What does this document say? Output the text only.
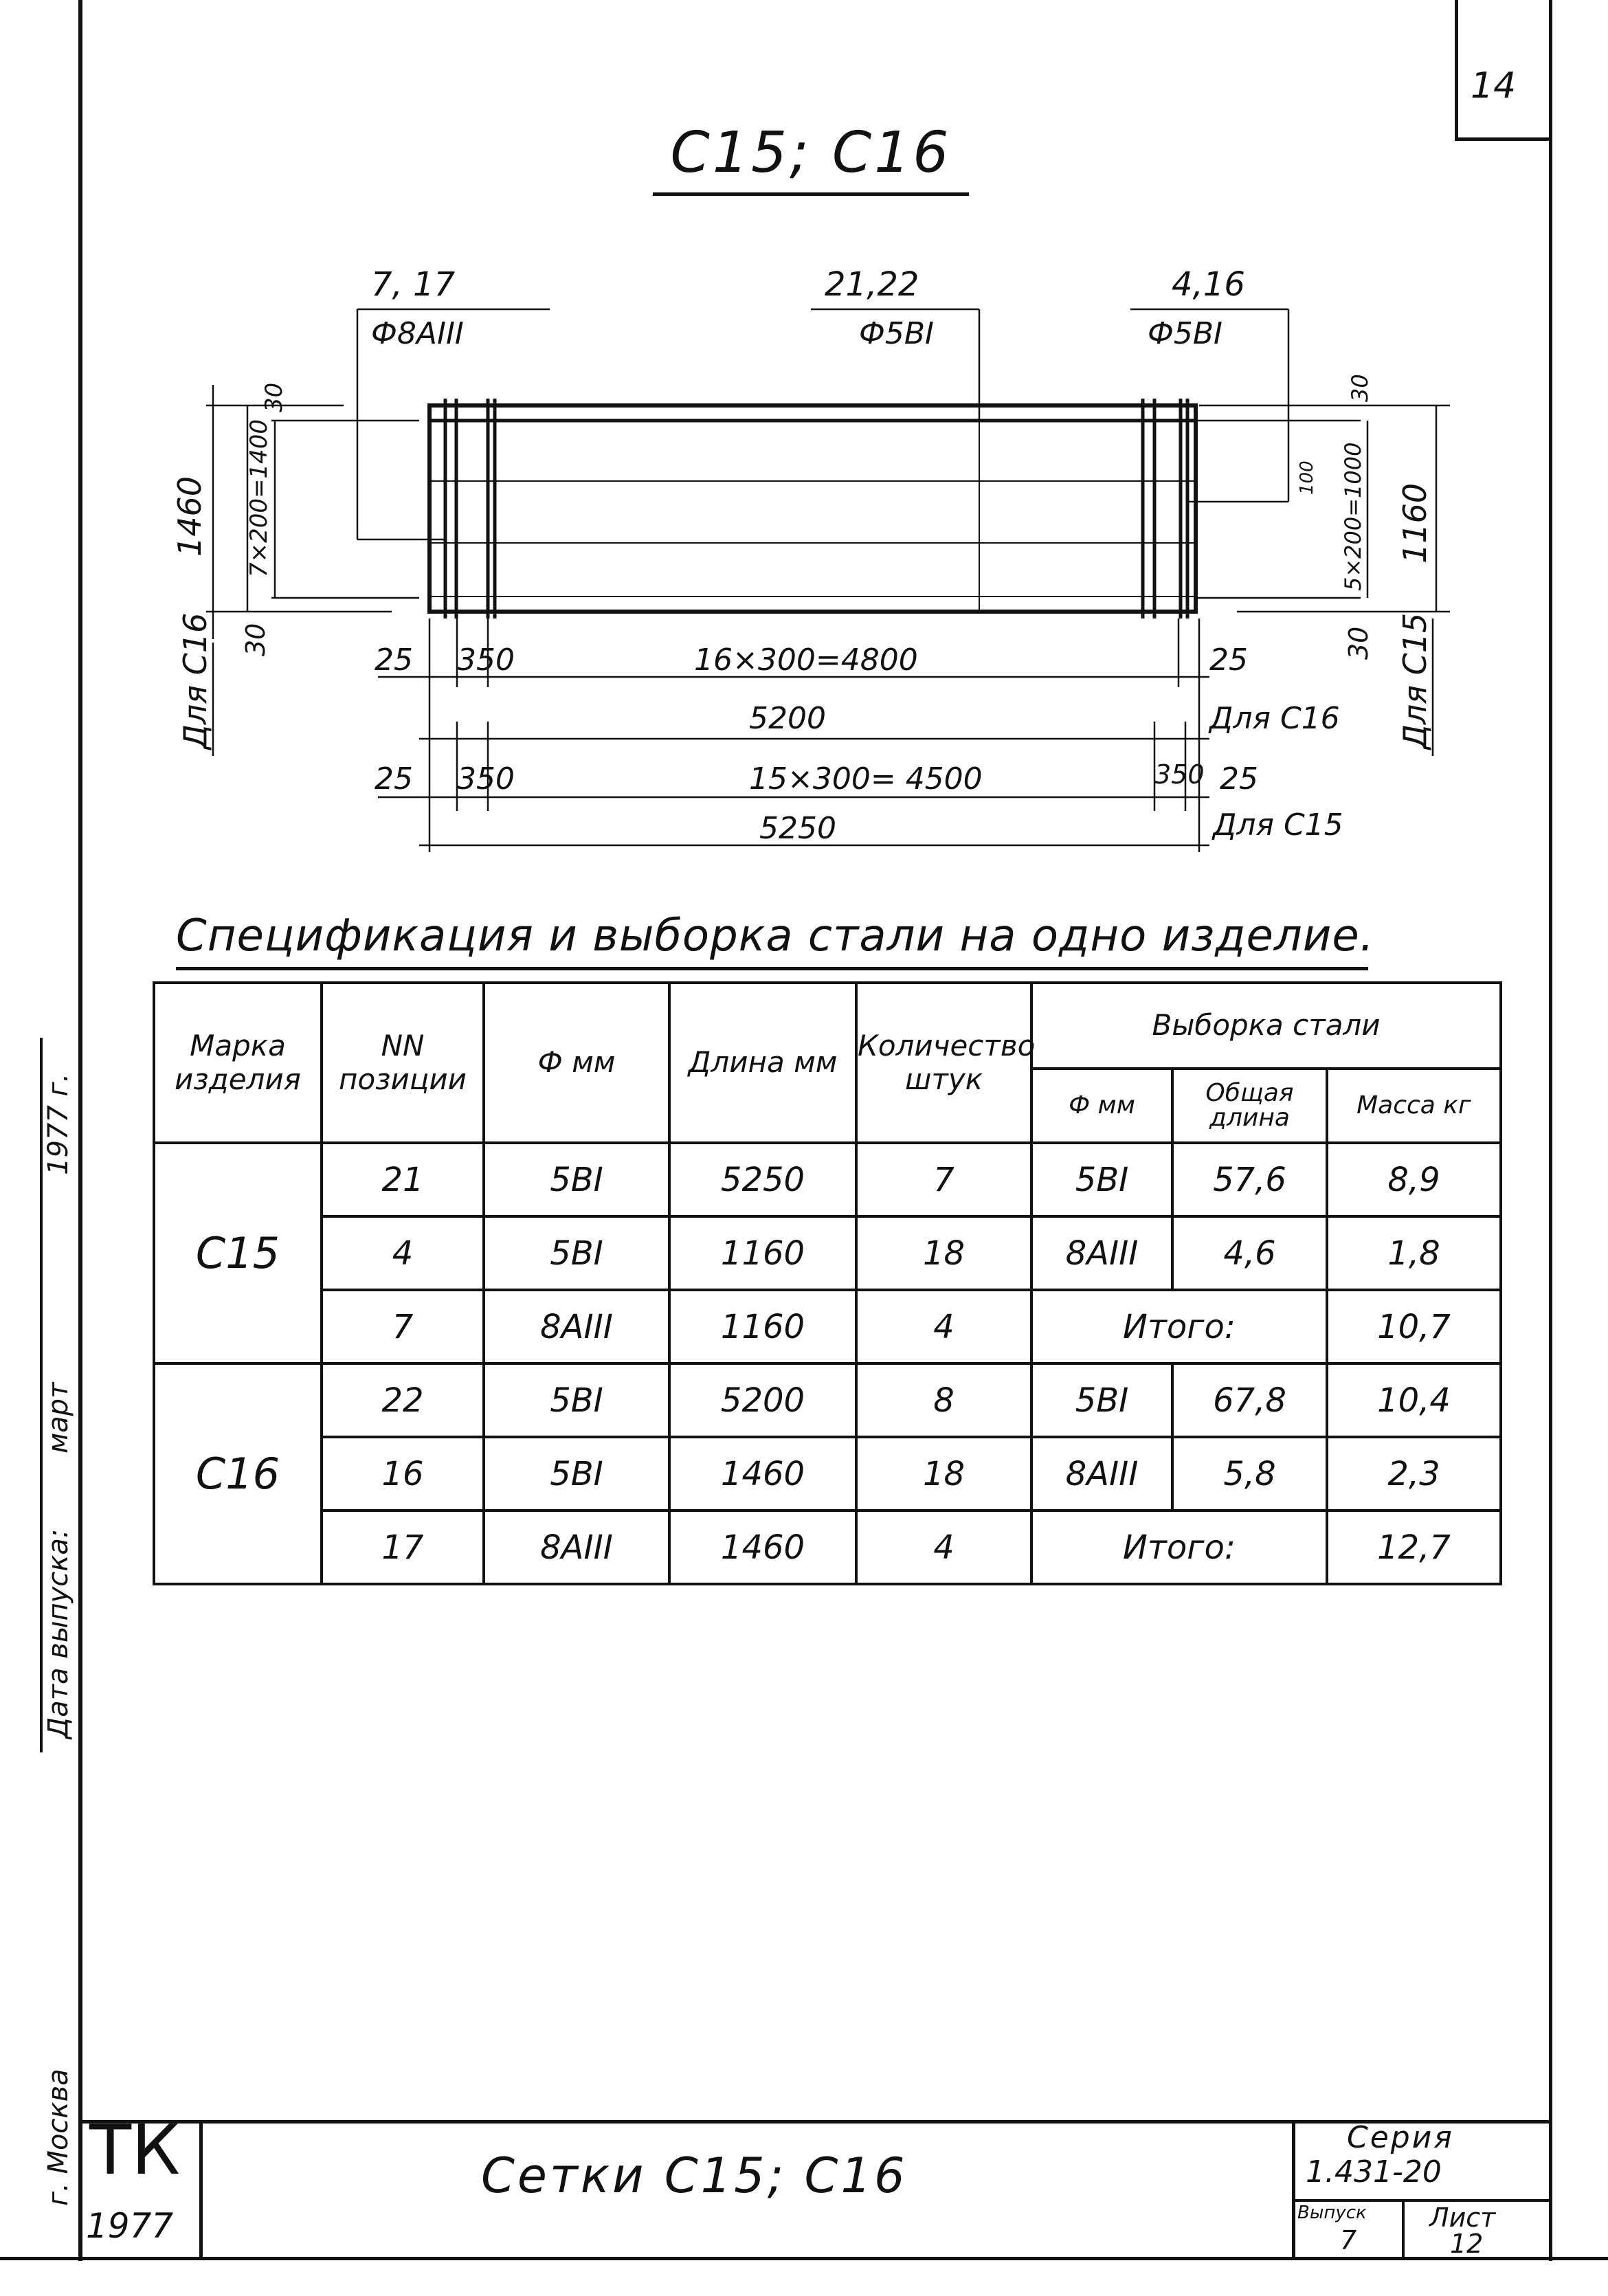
14
С15; С16
7, 17
Ф8АIII
21,22
Ф5ВI
4,16
Ф5ВI
1460 7×200=1400
30
30
Для С16
30
100 5×200=1000 1160
30 Для С15
25 350	16×300=4800	25
5200	Для С16
25 350	15×300= 4500	350 25
5250	Для С15
Спецификация и выборка стали на одно изделие.
Марка изделия	NN позиции	Ф мм	Длина мм	Количество штук	Выборка стали		
					Ф мм	Общая длина	Масса кг
С15	21	5ВI	5250	7	5ВI	57,6	8,9
	4	5ВI	1160	18	8АIII	4,6	1,8
	7	8АIII	1160	4	Итого:		10,7
С16	22	5ВI	5200	8	5ВI	67,8	10,4
	16	5ВI	1460	18	8АIII	5,8	2,3
	17	8АIII	1460	4	Итого:		12,7
Дата выпуска:
март
1977 г.
г. Москва ТК
1977
Сетки С15; С16
Серия
1.431-20
Выпуск
7
Лист
12
